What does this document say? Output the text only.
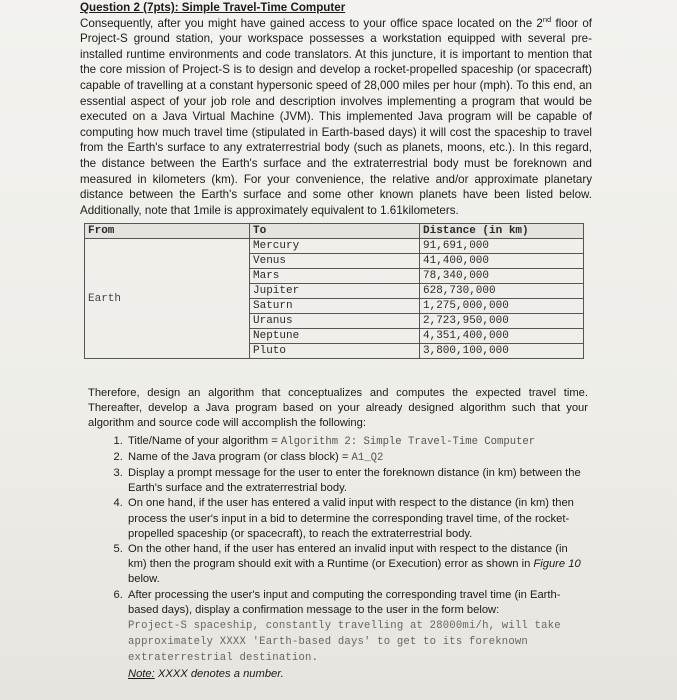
Question 2 (7pts): Simple Travel-Time Computer
Consequently, after you might have gained access to your office space located on the 2nd floor of Project-S ground station, your workspace possesses a workstation equipped with several pre-installed runtime environments and code translators. At this juncture, it is important to mention that the core mission of Project-S is to design and develop a rocket-propelled spaceship (or spacecraft) capable of travelling at a constant hypersonic speed of 28,000 miles per hour (mph). To this end, an essential aspect of your job role and description involves implementing a program that would be executed on a Java Virtual Machine (JVM). This implemented Java program will be capable of computing how much travel time (stipulated in Earth-based days) it will cost the spaceship to travel from the Earth's surface to any extraterrestrial body (such as planets, moons, etc.). In this regard, the distance between the Earth's surface and the extraterrestrial body must be foreknown and measured in kilometers (km). For your convenience, the relative and/or approximate planetary distance between the Earth's surface and some other known planets have been listed below. Additionally, note that 1mile is approximately equivalent to 1.61kilometers.

From	To	Distance (in km)
Earth	Mercury	91,691,000
	Venus	41,400,000
	Mars	78,340,000
	Jupiter	628,730,000
	Saturn	1,275,000,000
	Uranus	2,723,950,000
	Neptune	4,351,400,000
	Pluto	3,800,100,000

Therefore, design an algorithm that conceptualizes and computes the expected travel time. Thereafter, develop a Java program based on your already designed algorithm such that your algorithm and source code will accomplish the following:

1. Title/Name of your algorithm = Algorithm 2: Simple Travel-Time Computer
2. Name of the Java program (or class block) = A1_Q2
3. Display a prompt message for the user to enter the foreknown distance (in km) between the Earth's surface and the extraterrestrial body.
4. On one hand, if the user has entered a valid input with respect to the distance (in km) then process the user's input in a bid to determine the corresponding travel time, of the rocket-propelled spaceship (or spacecraft), to reach the extraterrestrial body.
5. On the other hand, if the user has entered an invalid input with respect to the distance (in km) then the program should exit with a Runtime (or Execution) error as shown in Figure 10 below.
6. After processing the user's input and computing the corresponding travel time (in Earth-based days), display a confirmation message to the user in the form below:
Project-S spaceship, constantly travelling at 28000mi/h, will take approximately XXXX 'Earth-based days' to get to its foreknown extraterrestrial destination.
Note: XXXX denotes a number.
